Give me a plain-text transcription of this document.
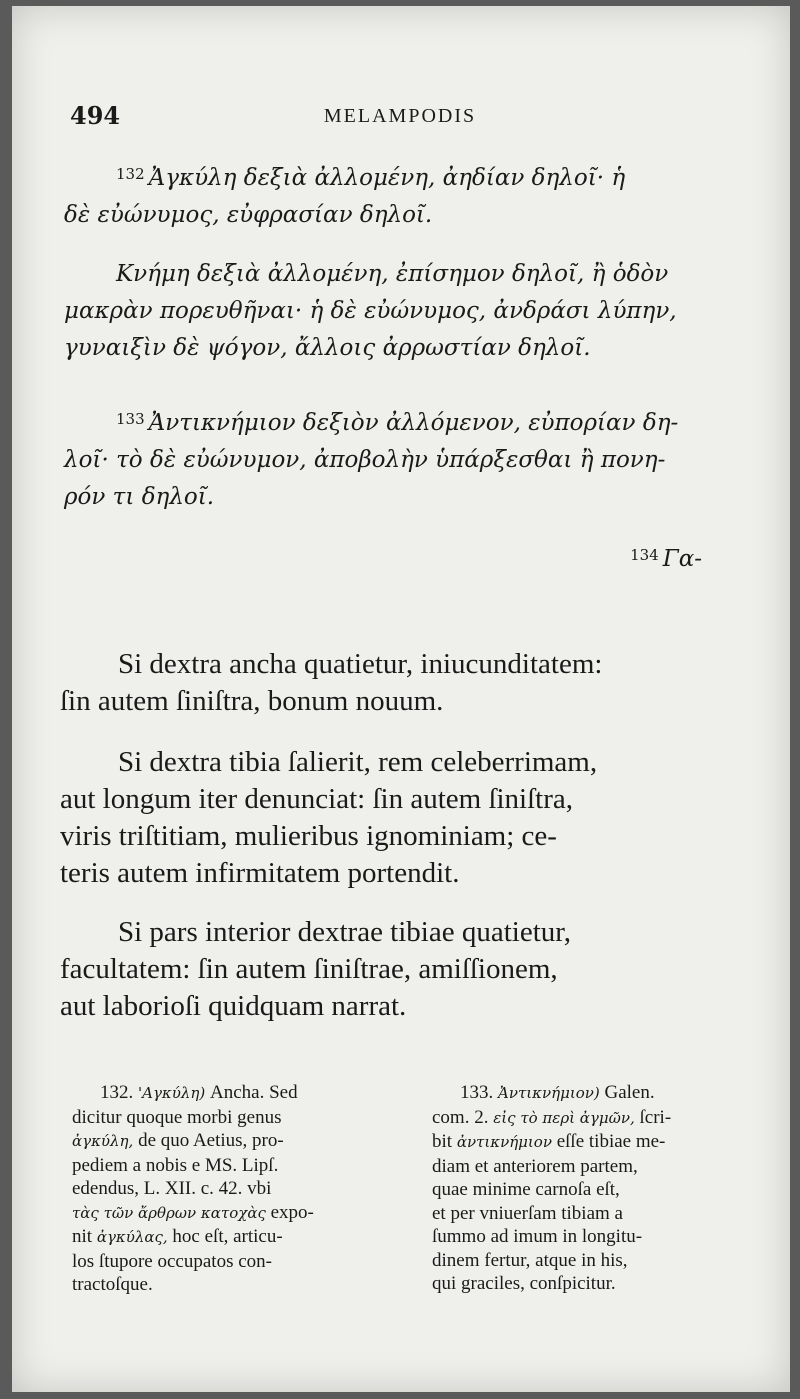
494	MELAMPODIS

$^{132}$ Ἀγκύλη δεξιὰ ἀλλομένη, ἀηδίαν δηλοῖ· ἡ

δὲ εὐώνυμος, εὐφρασίαν δηλοῖ.

Κνήμη δεξιὰ ἀλλομένη, ἐπίσημον δηλοῖ, ἢ ὁδὸν

μακρὰν πορευθῆναι· ἡ δὲ εὐώνυμος, ἀνδράσι λύπην,
γυναιξὶν δὲ ψόγον, ἄλλοις ἀρρωστίαν δηλοῖ.

$^{133}$ Ἀντικνήμιον δεξιὸν ἀλλόμενον, εὐπορίαν δη-

λοῖ· τὸ δὲ εὐώνυμον, ἀποβολὴν ὑπάρξεσθαι ἢ πονη-
ρόν τι δηλοῖ.
$^{134}$ Γα-

Si dextra ancha quatietur, iniucunditatem:

ſin autem ſiniſtra, bonum nouum.

Si dextra tibia ſalierit, rem celeberrimam,

aut longum iter denunciat: ſin autem ſiniſtra,
viris triſtitiam, mulieribus ignominiam; ce-
teris autem infirmitatem portendit.

Si pars interior dextrae tibiae quatietur,

facultatem: ſin autem ſiniſtrae, amiſſionem,
aut laborioſi quidquam narrat.

132. 'Αγκύλη) Ancha. Sed

dicitur quoque morbi genus
ἀγκύλη, de quo Aetius, pro-
pediem a nobis e MS. Lipſ.
edendus, L. XII. c. 42. vbi
τὰς τῶν ἄρθρων κατοχὰς expo-
nit ἀγκύλας, hoc eſt, articu-
los ſtupore occupatos con-
tractoſque.

133. Ἀντικνήμιον) Galen.

com. 2. εἰς τὸ περὶ ἀγμῶν, ſcri-
bit ἀντικνήμιον eſſe tibiae me-
diam et anteriorem partem,
quae minime carnoſa eſt,
et per vniuerſam tibiam a
ſummo ad imum in longitu-
dinem fertur, atque in his,
qui graciles, conſpicitur.
